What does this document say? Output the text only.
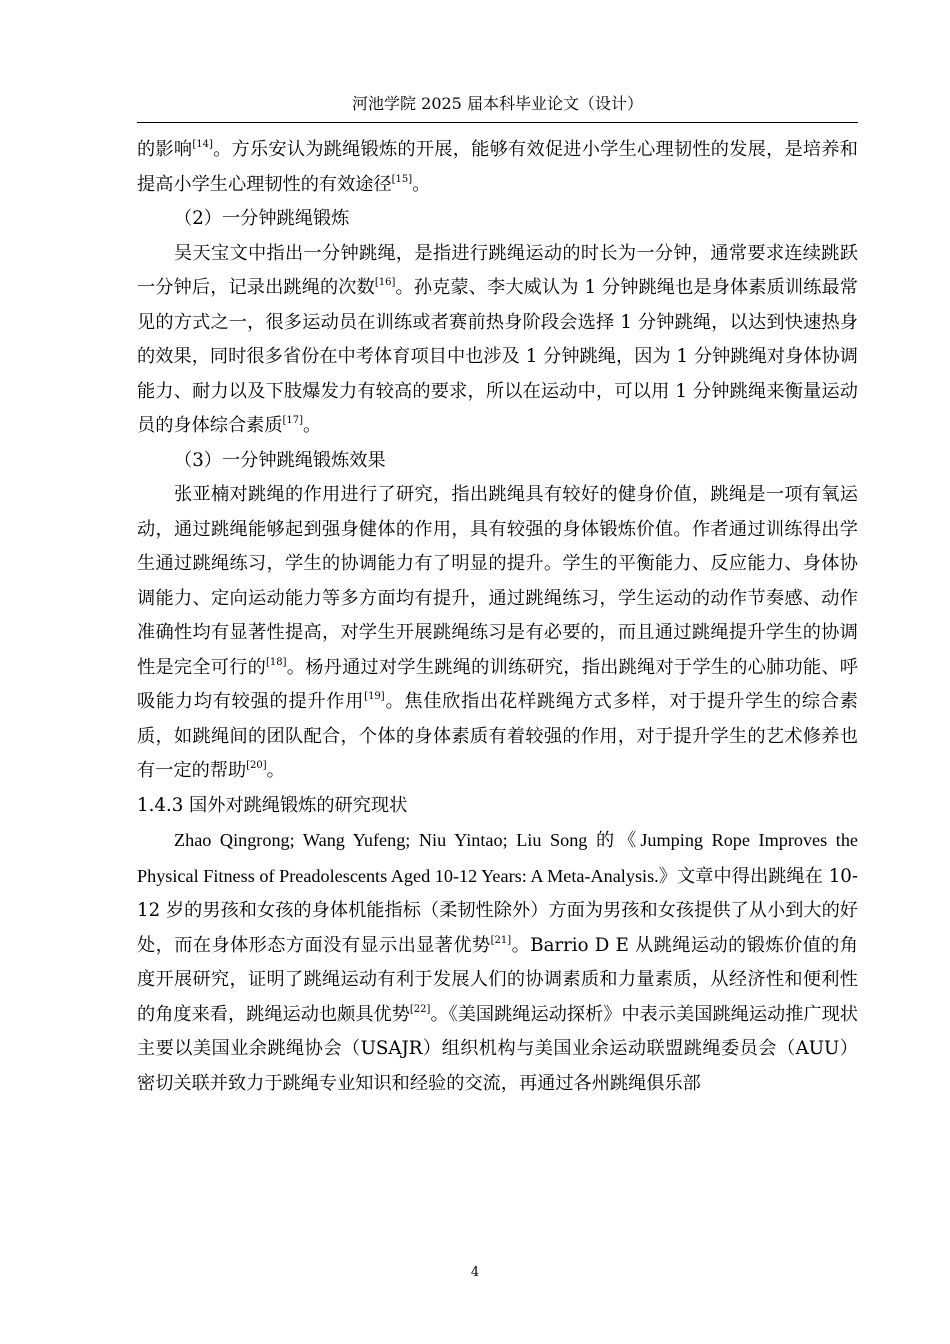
河池学院 2025 届本科毕业论文（设计）

的影响[14]。方乐安认为跳绳锻炼的开展，能够有效促进小学生心理韧性的发展，是培养和提高小学生心理韧性的有效途径[15]。

（2）一分钟跳绳锻炼

吴天宝文中指出一分钟跳绳，是指进行跳绳运动的时长为一分钟，通常要求连续跳跃一分钟后，记录出跳绳的次数[16]。孙克蒙、李大威认为 1 分钟跳绳也是身体素质训练最常见的方式之一，很多运动员在训练或者赛前热身阶段会选择 1 分钟跳绳，以达到快速热身的效果，同时很多省份在中考体育项目中也涉及 1 分钟跳绳，因为 1 分钟跳绳对身体协调能力、耐力以及下肢爆发力有较高的要求，所以在运动中，可以用 1 分钟跳绳来衡量运动员的身体综合素质[17]。

（3）一分钟跳绳锻炼效果

张亚楠对跳绳的作用进行了研究，指出跳绳具有较好的健身价值，跳绳是一项有氧运动，通过跳绳能够起到强身健体的作用，具有较强的身体锻炼价值。作者通过训练得出学生通过跳绳练习，学生的协调能力有了明显的提升。学生的平衡能力、反应能力、身体协调能力、定向运动能力等多方面均有提升，通过跳绳练习，学生运动的动作节奏感、动作准确性均有显著性提高，对学生开展跳绳练习是有必要的，而且通过跳绳提升学生的协调性是完全可行的[18]。杨丹通过对学生跳绳的训练研究，指出跳绳对于学生的心肺功能、呼吸能力均有较强的提升作用[19]。焦佳欣指出花样跳绳方式多样，对于提升学生的综合素质，如跳绳间的团队配合，个体的身体素质有着较强的作用，对于提升学生的艺术修养也有一定的帮助[20]。

1.4.3 国外对跳绳锻炼的研究现状

Zhao Qingrong; Wang Yufeng; Niu Yintao; Liu Song 的《Jumping Rope Improves the Physical Fitness of Preadolescents Aged 10-12 Years: A Meta-Analysis.》文章中得出跳绳在 10-12 岁的男孩和女孩的身体机能指标（柔韧性除外）方面为男孩和女孩提供了从小到大的好处，而在身体形态方面没有显示出显著优势[21]。Barrio D E 从跳绳运动的锻炼价值的角度开展研究，证明了跳绳运动有利于发展人们的协调素质和力量素质，从经济性和便利性的角度来看，跳绳运动也颇具优势[22]。《美国跳绳运动探析》中表示美国跳绳运动推广现状主要以美国业余跳绳协会（USAJR）组织机构与美国业余运动联盟跳绳委员会（AUU）密切关联并致力于跳绳专业知识和经验的交流，再通过各州跳绳俱乐部

4
